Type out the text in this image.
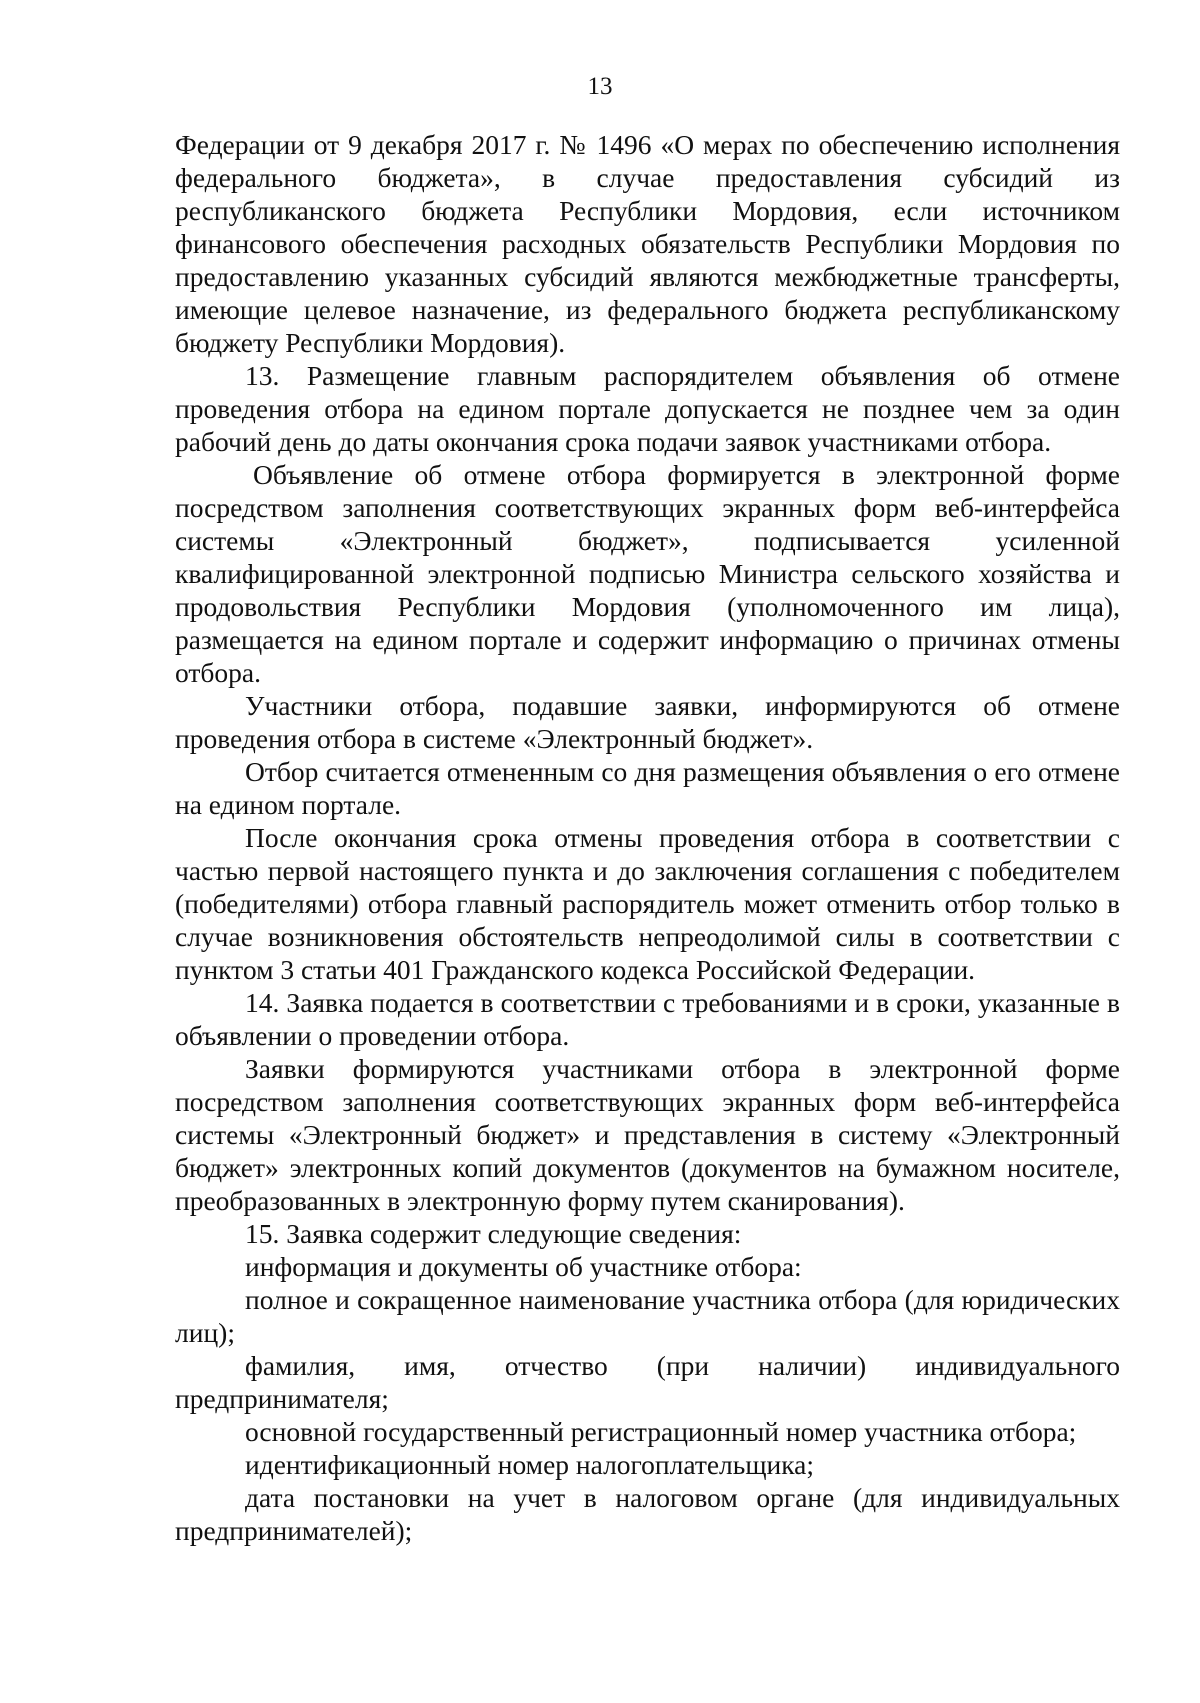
13

Федерации от 9 декабря 2017 г. № 1496 «О мерах по обеспечению исполнения федерального бюджета», в случае предоставления субсидий из республиканского бюджета Республики Мордовия, если источником финансового обеспечения расходных обязательств Республики Мордовия по предоставлению указанных субсидий являются межбюджетные трансферты, имеющие целевое назначение, из федерального бюджета республиканскому бюджету Республики Мордовия).

13. Размещение главным распорядителем объявления об отмене проведения отбора на едином портале допускается не позднее чем за один рабочий день до даты окончания срока подачи заявок участниками отбора.

Объявление об отмене отбора формируется в электронной форме посредством заполнения соответствующих экранных форм веб-интерфейса системы «Электронный бюджет», подписывается усиленной квалифицированной электронной подписью Министра сельского хозяйства и продовольствия Республики Мордовия (уполномоченного им лица), размещается на едином портале и содержит информацию о причинах отмены отбора.

Участники отбора, подавшие заявки, информируются об отмене проведения отбора в системе «Электронный бюджет».

Отбор считается отмененным со дня размещения объявления о его отмене на едином портале.

После окончания срока отмены проведения отбора в соответствии с частью первой настоящего пункта и до заключения соглашения с победителем (победителями) отбора главный распорядитель может отменить отбор только в случае возникновения обстоятельств непреодолимой силы в соответствии с пунктом 3 статьи 401 Гражданского кодекса Российской Федерации.

14. Заявка подается в соответствии с требованиями и в сроки, указанные в объявлении о проведении отбора.

Заявки формируются участниками отбора в электронной форме посредством заполнения соответствующих экранных форм веб-интерфейса системы «Электронный бюджет» и представления в систему «Электронный бюджет» электронных копий документов (документов на бумажном носителе, преобразованных в электронную форму путем сканирования).

15. Заявка содержит следующие сведения:

информация и документы об участнике отбора:

полное и сокращенное наименование участника отбора (для юридических лиц);

фамилия, имя, отчество (при наличии) индивидуального предпринимателя;

основной государственный регистрационный номер участника отбора;

идентификационный номер налогоплательщика;

дата постановки на учет в налоговом органе (для индивидуальных предпринимателей);
